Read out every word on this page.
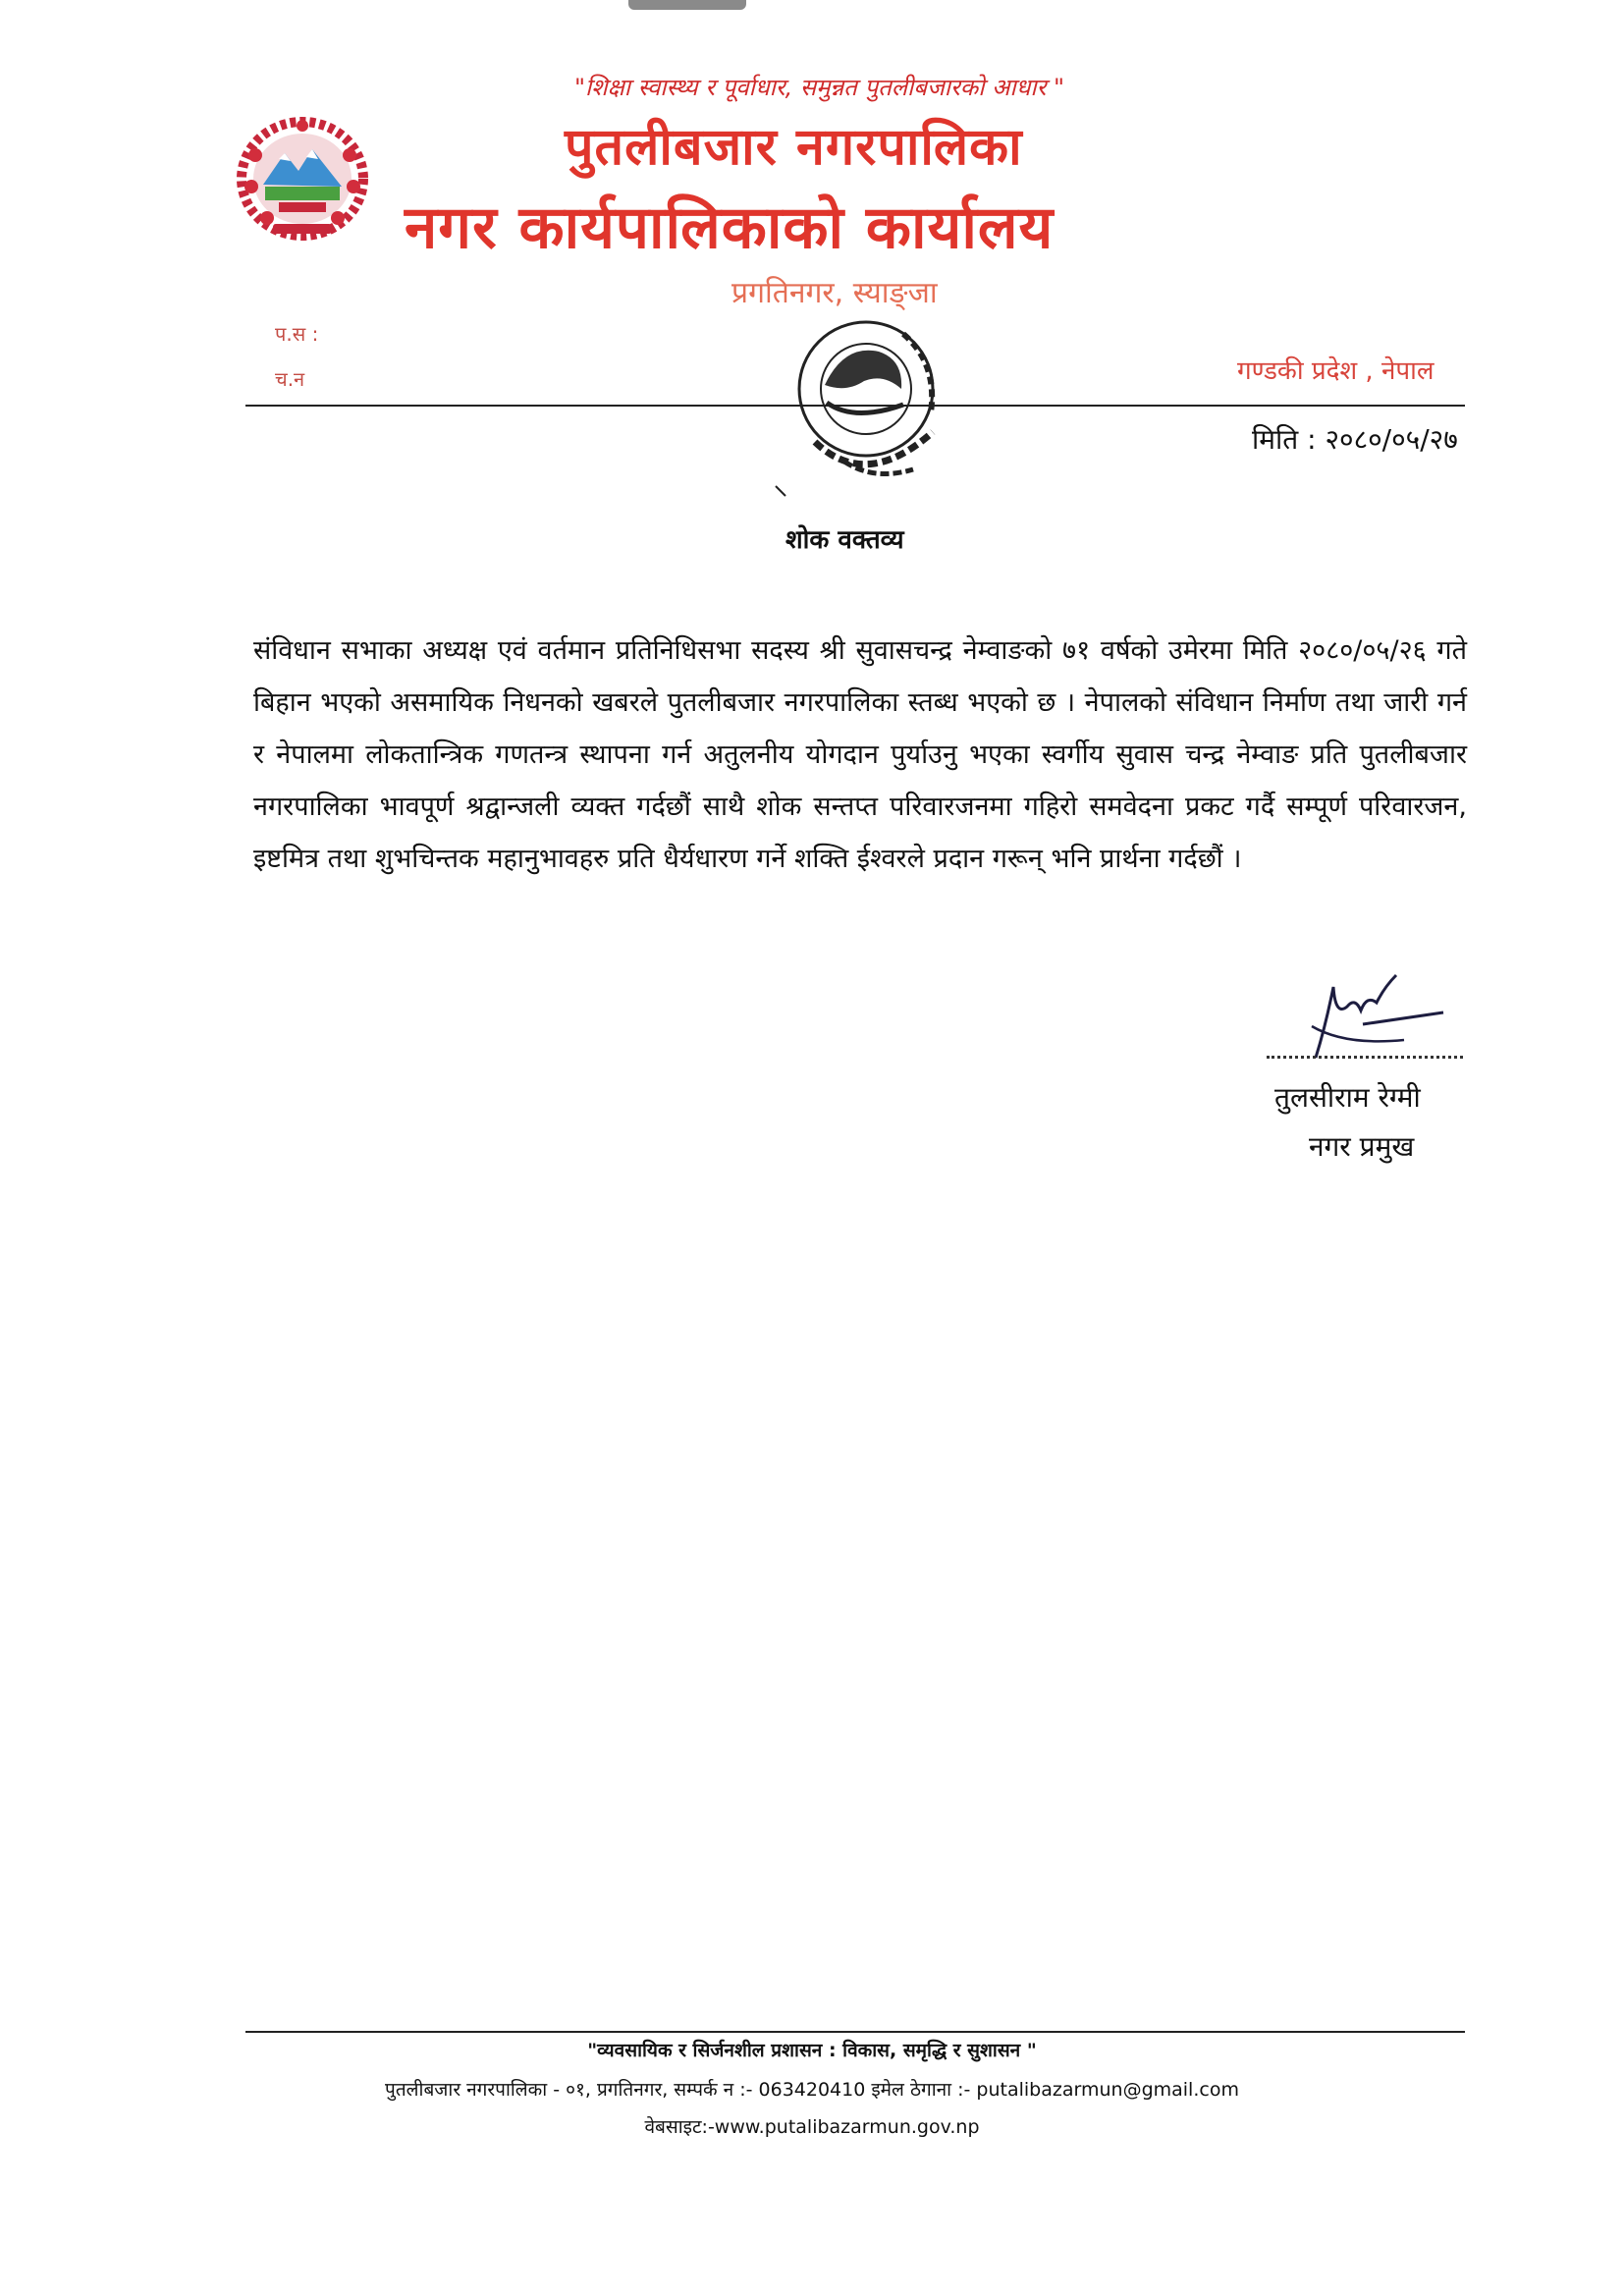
"शिक्षा स्वास्थ्य र पूर्वाधार, समुन्नत पुतलीबजारको आधार "
पुतलीबजार नगरपालिका
नगर कार्यपालिकाको कार्यालय
प्रगतिनगर, स्याङ्जा
प.स :
च.न	गण्डकी प्रदेश , नेपाल
मिति : २०८०/०५/२७
शोक वक्तव्य
संविधान सभाका अध्यक्ष एवं वर्तमान प्रतिनिधिसभा सदस्य श्री सुवासचन्द्र नेम्वाङको ७१ वर्षको उमेरमा मिति २०८०/०५/२६ गते बिहान भएको असमायिक निधनको खबरले पुतलीबजार नगरपालिका स्तब्ध भएको छ । नेपालको संविधान निर्माण तथा जारी गर्न र नेपालमा लोकतान्त्रिक गणतन्त्र स्थापना गर्न अतुलनीय योगदान पुर्याउनु भएका स्वर्गीय सुवास चन्द्र नेम्वाङ प्रति पुतलीबजार नगरपालिका भावपूर्ण श्रद्वान्जली व्यक्त गर्दछौं साथै शोक सन्तप्त परिवारजनमा गहिरो समवेदना प्रकट गर्दै सम्पूर्ण परिवारजन, इष्टमित्र तथा शुभचिन्तक महानुभावहरु प्रति धैर्यधारण गर्ने शक्ति ईश्वरले प्रदान गरून् भनि प्रार्थना गर्दछौं ।
तुलसीराम रेग्मी
नगर प्रमुख
"व्यवसायिक र सिर्जनशील प्रशासन : विकास, समृद्धि र सुशासन "
पुतलीबजार नगरपालिका - ०१, प्रगतिनगर, सम्पर्क न :- 063420410 इमेल ठेगाना :- putalibazarmun@gmail.com
वेबसाइट:-www.putalibazarmun.gov.np
